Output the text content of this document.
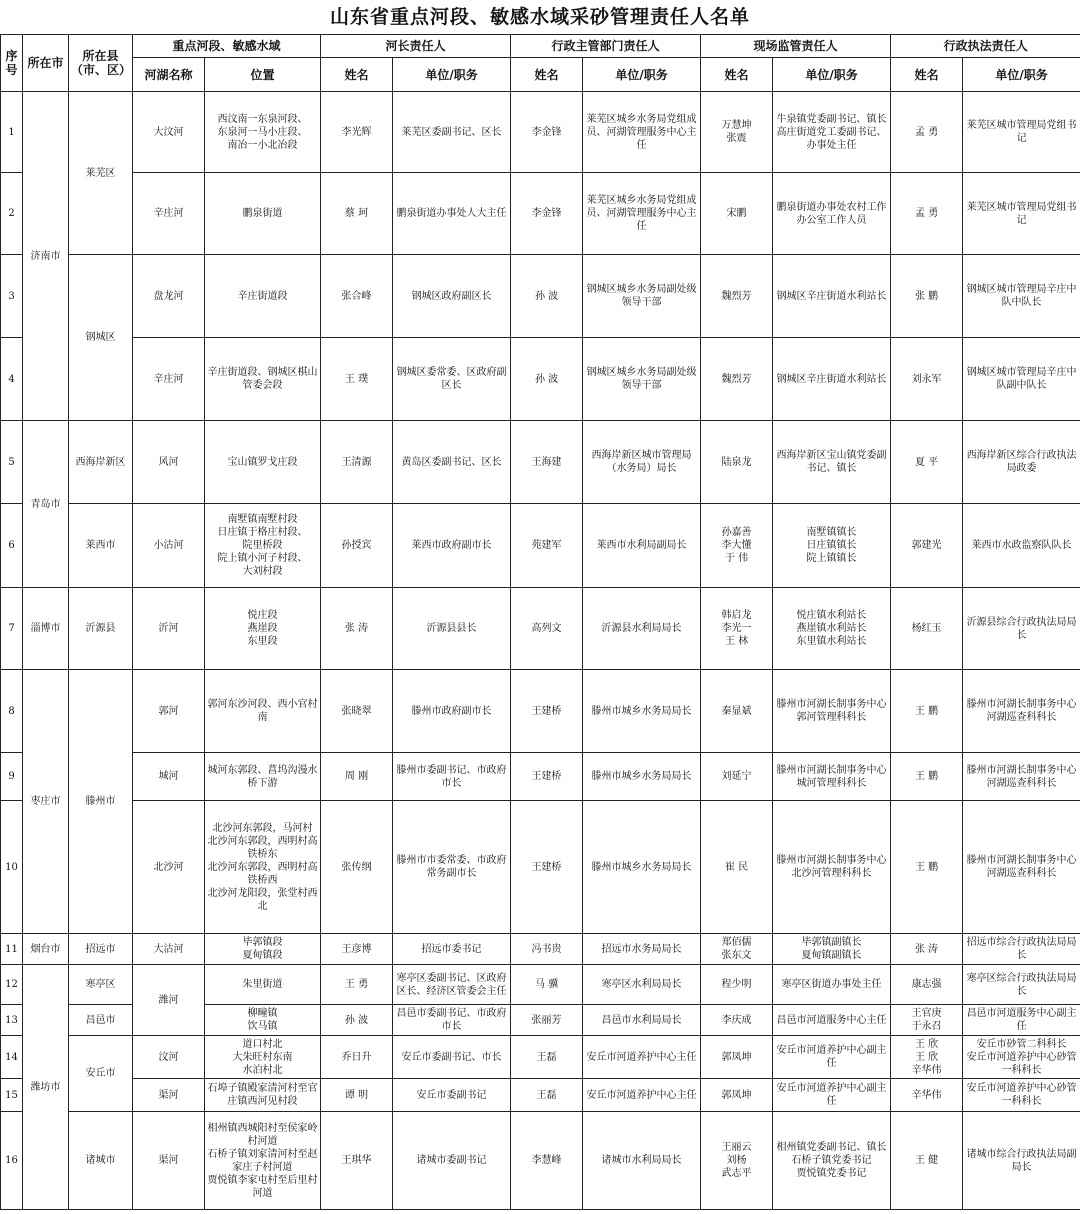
山东省重点河段、敏感水域采砂管理责任人名单
序号	所在市	所在县（市、区）	重点河段、敏感水域		河长责任人		行政主管部门责任人		现场监管责任人		行政执法责任人	
			河湖名称	位置	姓名	单位/职务	姓名	单位/职务	姓名	单位/职务	姓名	单位/职务
1	济南市	莱芜区	大汶河	西汶南一东泉河段、
东泉河一马小庄段、
南冶一小北冶段	李光辉	莱芜区委副书记、区长	李金锋	莱芜区城乡水务局党组成员、河湖管理服务中心主任	万慧坤
张震	牛泉镇党委副书记、镇长
高庄街道党工委副书记、办事处主任	孟 勇	莱芜区城市管理局党组书记
2			辛庄河	鹏泉街道	蔡 珂	鹏泉街道办事处人大主任	李金锋	莱芜区城乡水务局党组成员、河湖管理服务中心主任	宋鹏	鹏泉街道办事处农村工作办公室工作人员	孟 勇	莱芜区城市管理局党组书记
3		钢城区	盘龙河	辛庄街道段	张合峰	钢城区政府副区长	孙 波	钢城区城乡水务局副处级领导干部	魏烈芳	钢城区辛庄街道水利站长	张 鹏	钢城区城市管理局辛庄中队中队长
4			辛庄河	辛庄街道段、钢城区棋山管委会段	王 璞	钢城区委常委、区政府副区长	孙 波	钢城区城乡水务局副处级领导干部	魏烈芳	钢城区辛庄街道水利站长	刘永军	钢城区城市管理局辛庄中队副中队长
5	青岛市	西海岸新区	风河	宝山镇罗戈庄段	王清源	黄岛区委副书记、区长	王海建	西海岸新区城市管理局（水务局）局长	陆泉龙	西海岸新区宝山镇党委副书记、镇长	夏 平	西海岸新区综合行政执法局政委
6		莱西市	小沽河	南墅镇南墅村段
日庄镇于格庄村段、
院里桥段
院上镇小河子村段、
大刘村段	孙授宾	莱西市政府副市长	苑建军	莱西市水利局副局长	孙嘉善
李大懂
于 伟	南墅镇镇长
日庄镇镇长
院上镇镇长	郭建光	莱西市水政监察队队长
7	淄博市	沂源县	沂河	悦庄段
燕崖段
东里段	张 涛	沂源县县长	高列文	沂源县水利局局长	韩启龙
李光一
王 林	悦庄镇水利站长
燕崖镇水利站长
东里镇水利站长	杨红玉	沂源县综合行政执法局局长
8	枣庄市	滕州市	郭河	郭河东沙河段、西小官村南	张晓翠	滕州市政府副市长	王建桥	滕州市城乡水务局局长	秦显斌	滕州市河湖长制事务中心
郭河管理科科长	王 鹏	滕州市河湖长制事务中心
河湖巡查科科长
9			城河	城河东郭段、菖坞沟漫水桥下游	周 刚	滕州市委副书记、市政府市长	王建桥	滕州市城乡水务局局长	刘延宁	滕州市河湖长制事务中心
城河管理科科长	王 鹏	滕州市河湖长制事务中心
河湖巡查科科长
10			北沙河	北沙河东郭段，马河村
北沙河东郭段，西明村高铁桥东
北沙河东郭段，西明村高铁桥西
北沙河龙阳段，张堂村西北	张传纲	滕州市市委常委、市政府常务副市长	王建桥	滕州市城乡水务局局长	崔 民	滕州市河湖长制事务中心
北沙河管理科科长	王 鹏	滕州市河湖长制事务中心
河湖巡查科科长
11	烟台市	招远市	大沽河	毕郭镇段
夏甸镇段	王彦博	招远市委书记	冯书贵	招远市水务局局长	郑佰儒
张东文	毕郭镇副镇长
夏甸镇副镇长	张 涛	招远市综合行政执法局局长
12	潍坊市	寒亭区	潍河	朱里街道	王 勇	寒亭区委副书记、区政府区长、经济区管委会主任	马 骥	寒亭区水利局局长	程少明	寒亭区街道办事处主任	康志强	寒亭区综合行政执法局局长
13		昌邑市		柳疃镇
饮马镇	孙 波	昌邑市委副书记、市政府市长	张丽芳	昌邑市水利局局长	李庆成	昌邑市河道服务中心主任	王官庚
于永召	昌邑市河道服务中心副主任
14		安丘市	汶河	道口村北
大朱旺村东南
水泊村北	乔日升	安丘市委副书记、市长	王磊	安丘市河道养护中心主任	郭凤坤	安丘市河道养护中心副主任	王 欣
王 欣
辛华伟	安丘市砂管二科科长
安丘市河道养护中心砂管一科科长
15			渠河	石埠子镇殿家清河村至官庄镇西河见村段	谭 明	安丘市委副书记	王磊	安丘市河道养护中心主任	郭凤坤	安丘市河道养护中心副主任	辛华伟	安丘市河道养护中心砂管一科科长
16		诸城市	渠河	相州镇西城阳村至侯家岭村河道
石桥子镇刘家清河村至赵家庄子村河道
贾悦镇李家屯村至后里村河道	王琪华	诸城市委副书记	李慧峰	诸城市水利局局长	王丽云
刘杨
武志平	相州镇党委副书记、镇长
石桥子镇党委书记
贾悦镇党委书记	王 健	诸城市综合行政执法局副局长
